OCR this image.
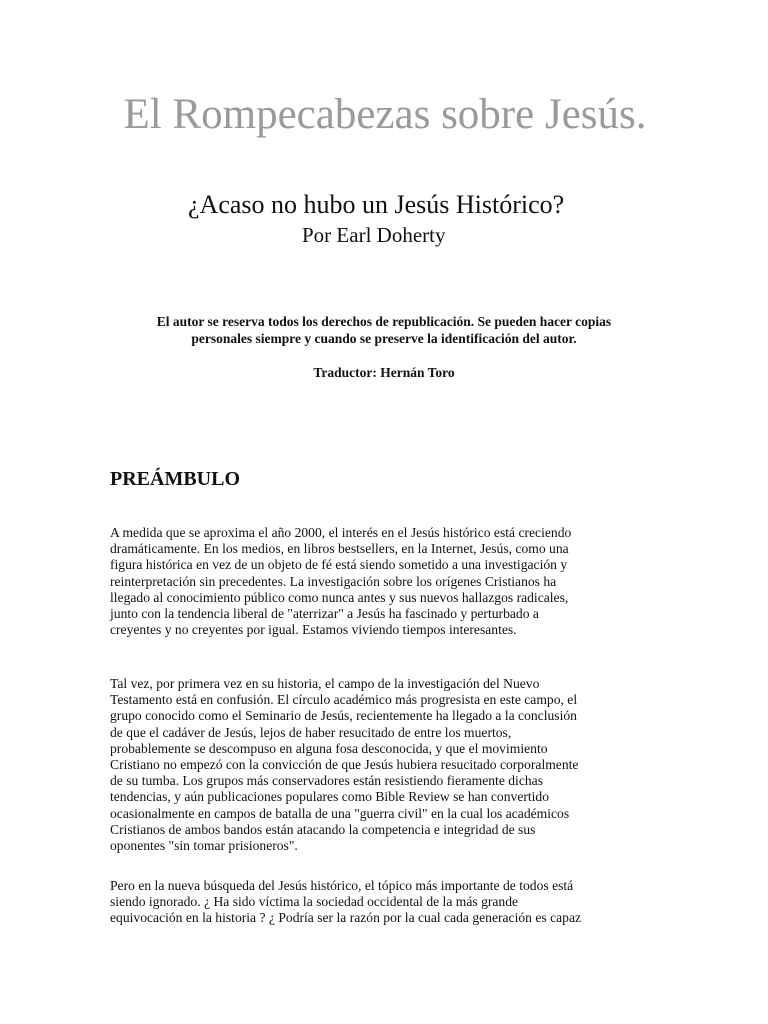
El Rompecabezas sobre Jesús.
¿Acaso no hubo un Jesús Histórico?
Por Earl Doherty
El autor se reserva todos los derechos de republicación. Se pueden hacer copias
personales siempre y cuando se preserve la identificación del autor.
Traductor: Hernán Toro
PREÁMBULO
A medida que se aproxima el año 2000, el interés en el Jesús histórico está creciendo
dramáticamente. En los medios, en libros bestsellers, en la Internet, Jesús, como una
figura histórica en vez de un objeto de fé está siendo sometido a una investigación y
reinterpretación sin precedentes. La investigación sobre los orígenes Cristianos ha
llegado al conocimiento público como nunca antes y sus nuevos hallazgos radicales,
junto con la tendencia liberal de "aterrizar" a Jesús ha fascinado y perturbado a
creyentes y no creyentes por igual. Estamos viviendo tiempos interesantes.
Tal vez, por primera vez en su historia, el campo de la investigación del Nuevo
Testamento está en confusión. El círculo académico más progresista en este campo, el
grupo conocido como el Seminario de Jesús, recientemente ha llegado a la conclusión
de que el cadáver de Jesús, lejos de haber resucitado de entre los muertos,
probablemente se descompuso en alguna fosa desconocida, y que el movimiento
Cristiano no empezó con la convicción de que Jesús hubiera resucitado corporalmente
de su tumba. Los grupos más conservadores están resistiendo fieramente dichas
tendencias, y aún publicaciones populares como Bible Review se han convertido
ocasionalmente en campos de batalla de una "guerra civil" en la cual los académicos
Cristianos de ambos bandos están atacando la competencia e integridad de sus
oponentes "sin tomar prisioneros".
Pero en la nueva búsqueda del Jesús histórico, el tópico más importante de todos está
siendo ignorado. ¿ Ha sido víctima la sociedad occidental de la más grande
equivocación en la historia ? ¿ Podría ser la razón por la cual cada generación es capaz
